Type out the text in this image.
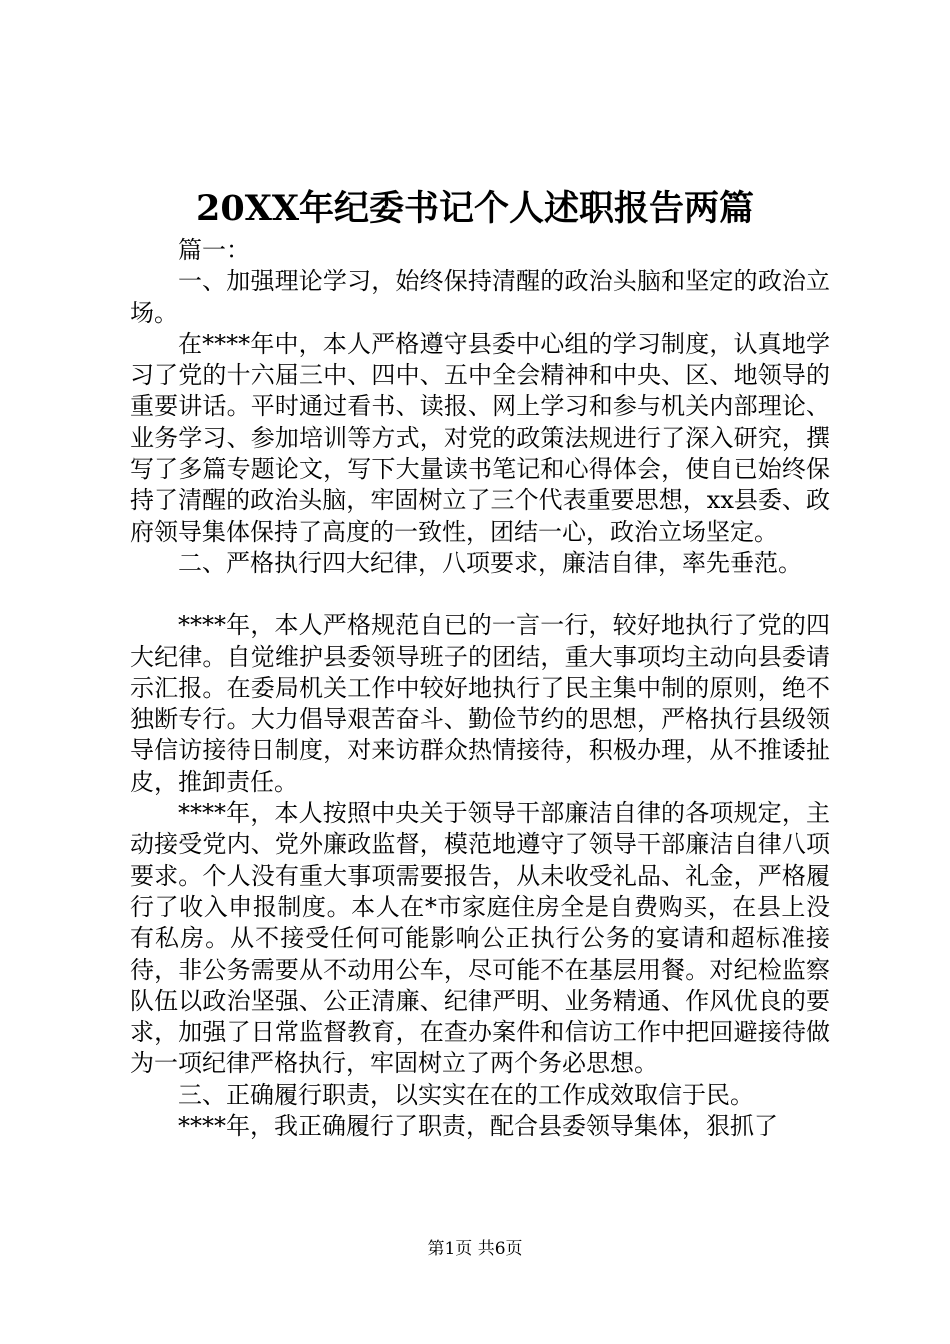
20XX年纪委书记个人述职报告两篇

篇一：

一、加强理论学习，始终保持清醒的政治头脑和坚定的政治立场。

在****年中，本人严格遵守县委中心组的学习制度，认真地学习了党的十六届三中、四中、五中全会精神和中央、区、地领导的重要讲话。平时通过看书、读报、网上学习和参与机关内部理论、业务学习、参加培训等方式，对党的政策法规进行了深入研究，撰写了多篇专题论文，写下大量读书笔记和心得体会，使自已始终保持了清醒的政治头脑，牢固树立了三个代表重要思想，xx县委、政府领导集体保持了高度的一致性，团结一心，政治立场坚定。

二、严格执行四大纪律，八项要求，廉洁自律，率先垂范。

****年，本人严格规范自已的一言一行，较好地执行了党的四大纪律。自觉维护县委领导班子的团结，重大事项均主动向县委请示汇报。在委局机关工作中较好地执行了民主集中制的原则，绝不独断专行。大力倡导艰苦奋斗、勤俭节约的思想，严格执行县级领导信访接待日制度，对来访群众热情接待，积极办理，从不推诿扯皮，推卸责任。

****年，本人按照中央关于领导干部廉洁自律的各项规定，主动接受党内、党外廉政监督，模范地遵守了领导干部廉洁自律八项要求。个人没有重大事项需要报告，从未收受礼品、礼金，严格履行了收入申报制度。本人在*市家庭住房全是自费购买，在县上没有私房。从不接受任何可能影响公正执行公务的宴请和超标准接待，非公务需要从不动用公车，尽可能不在基层用餐。对纪检监察队伍以政治坚强、公正清廉、纪律严明、业务精通、作风优良的要求，加强了日常监督教育，在查办案件和信访工作中把回避接待做为一项纪律严格执行，牢固树立了两个务必思想。

三、正确履行职责，以实实在在的工作成效取信于民。

****年，我正确履行了职责，配合县委领导集体，狠抓了

第1页 共6页
